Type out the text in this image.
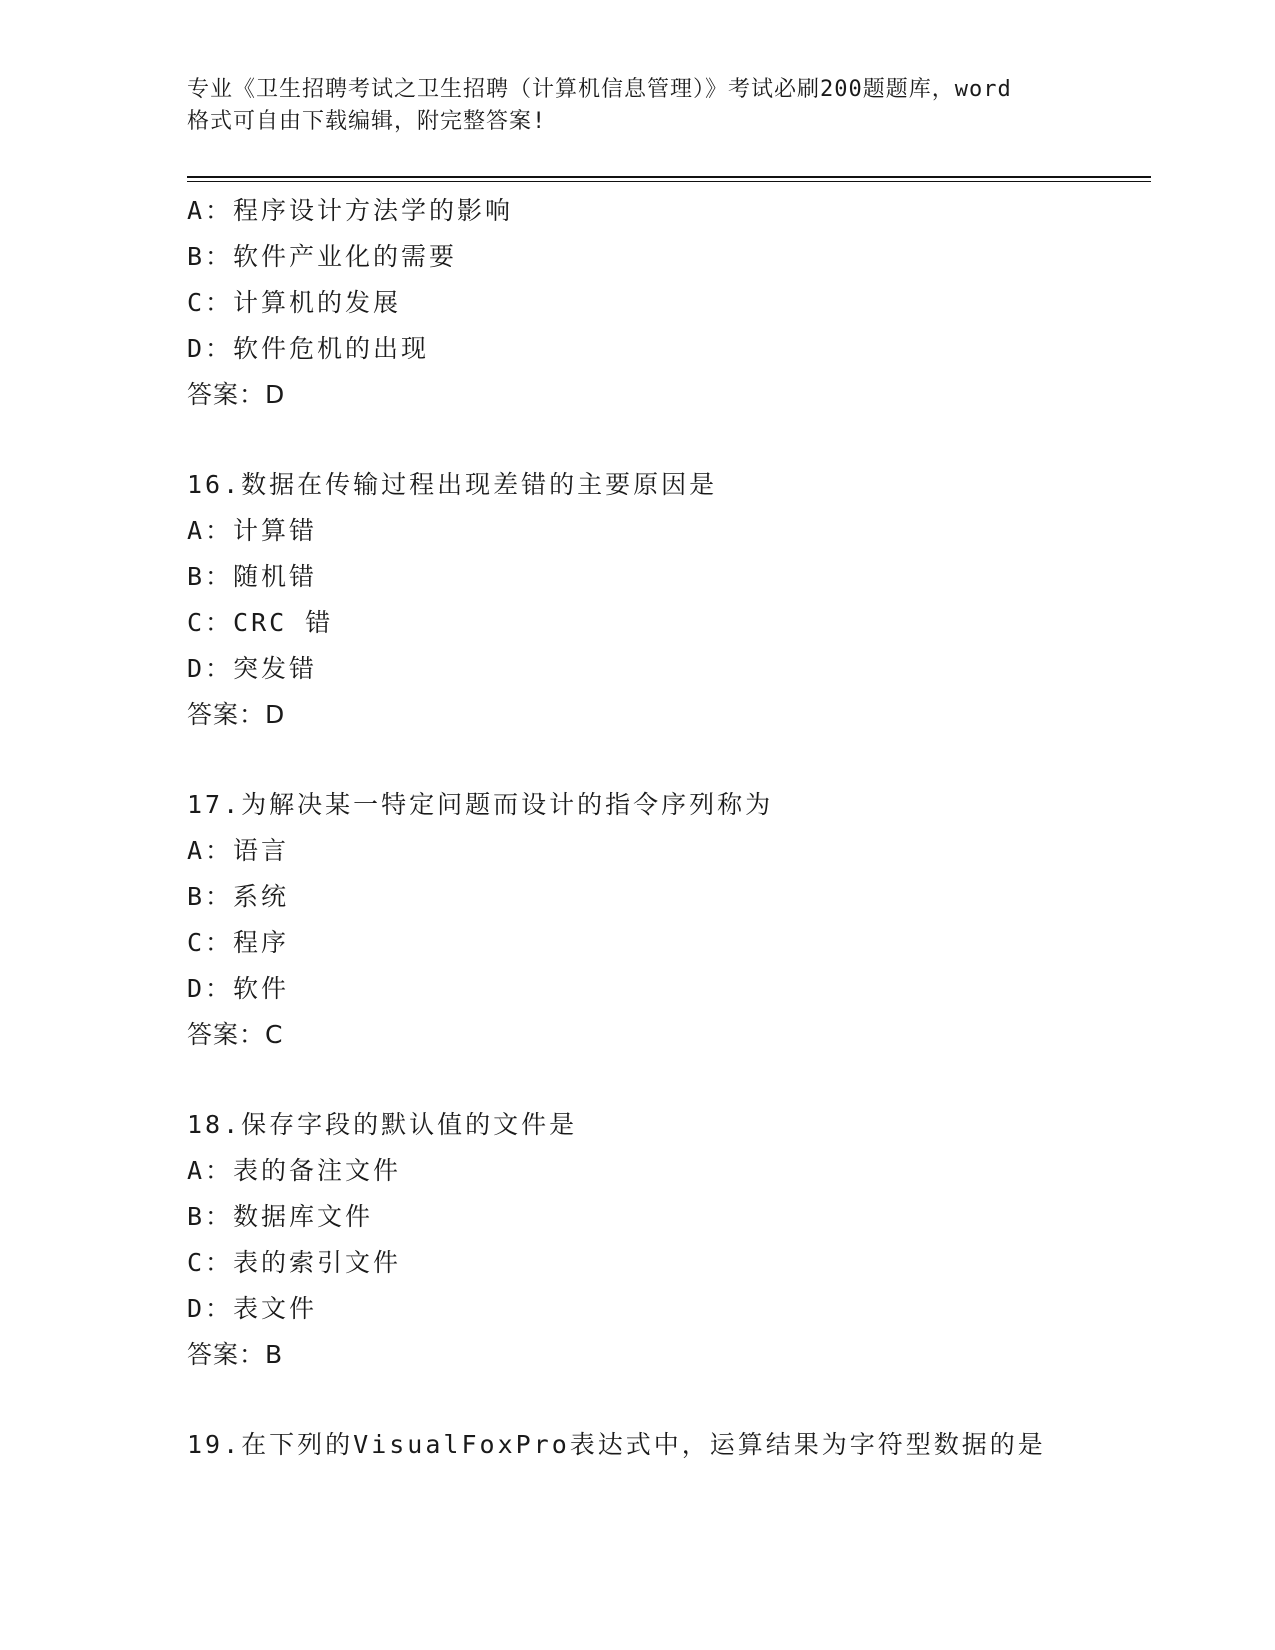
专业《卫生招聘考试之卫生招聘（计算机信息管理）》考试必刷200题题库，word
格式可自由下载编辑，附完整答案!
A：程序设计方法学的影响
B：软件产业化的需要
C：计算机的发展
D：软件危机的出现
答案：D
16.数据在传输过程出现差错的主要原因是
A：计算错
B：随机错
C：CRC 错
D：突发错
答案：D
17.为解决某一特定问题而设计的指令序列称为
A：语言
B：系统
C：程序
D：软件
答案：C
18.保存字段的默认值的文件是
A：表的备注文件
B：数据库文件
C：表的索引文件
D：表文件
答案：B
19.在下列的VisualFoxPro表达式中，运算结果为字符型数据的是
